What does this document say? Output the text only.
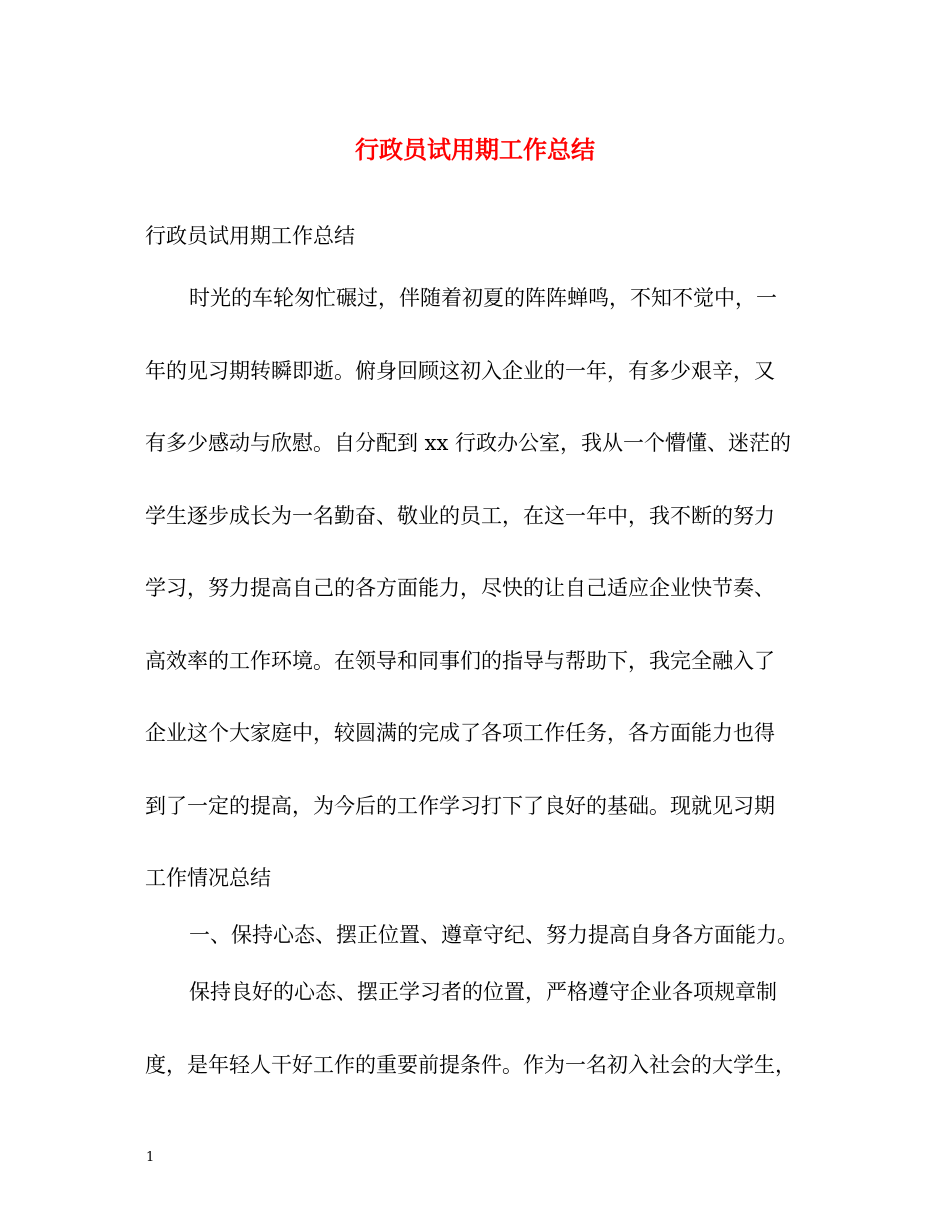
行政员试用期工作总结
行政员试用期工作总结
时光的车轮匆忙碾过，伴随着初夏的阵阵蝉鸣，不知不觉中，一
年的见习期转瞬即逝。俯身回顾这初入企业的一年，有多少艰辛，又
有多少感动与欣慰。自分配到 xx 行政办公室，我从一个懵懂、迷茫的
学生逐步成长为一名勤奋、敬业的员工，在这一年中，我不断的努力
学习，努力提高自己的各方面能力，尽快的让自己适应企业快节奏、
高效率的工作环境。在领导和同事们的指导与帮助下，我完全融入了
企业这个大家庭中，较圆满的完成了各项工作任务，各方面能力也得
到了一定的提高，为今后的工作学习打下了良好的基础。现就见习期
工作情况总结
一、保持心态、摆正位置、遵章守纪、努力提高自身各方面能力。
保持良好的心态、摆正学习者的位置，严格遵守企业各项规章制
度，是年轻人干好工作的重要前提条件。作为一名初入社会的大学生，
1
